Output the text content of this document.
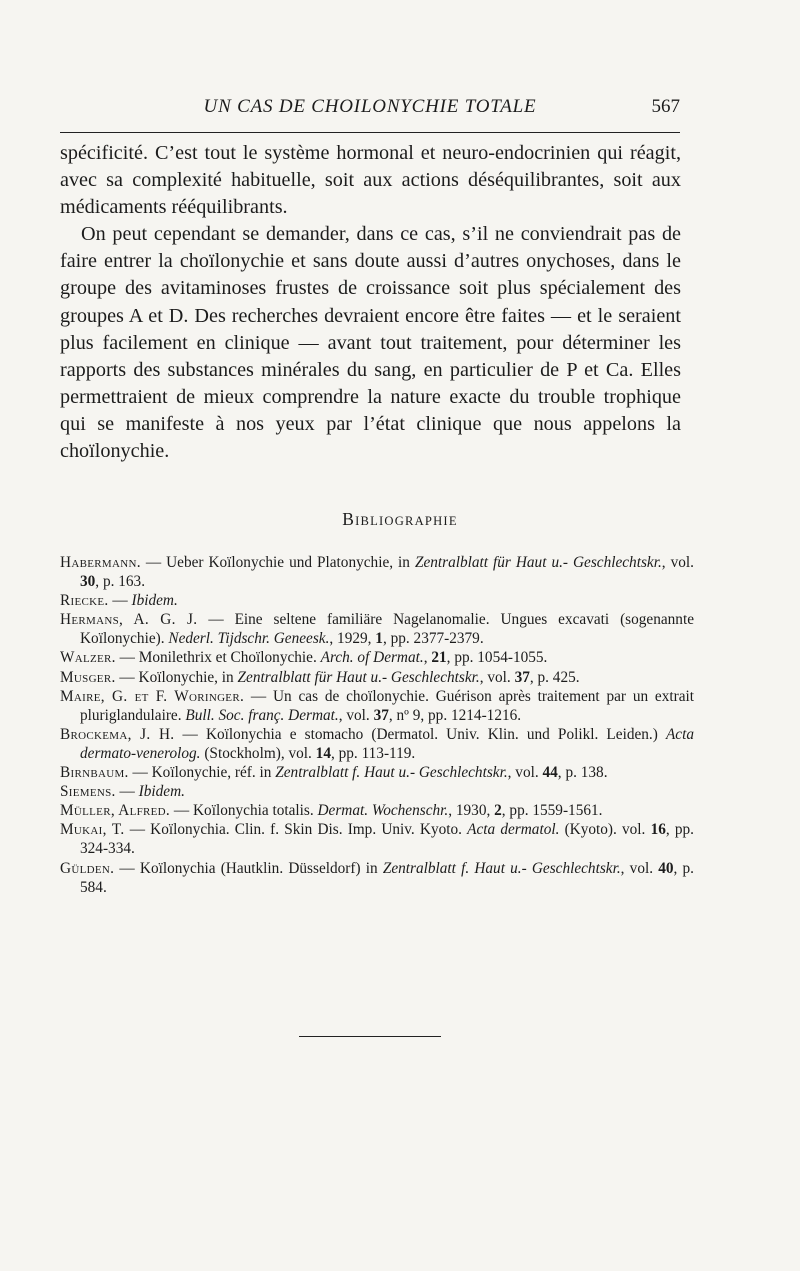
UN CAS DE CHOILONYCHIE TOTALE	567

spécificité. C’est tout le système hormonal et neuro-endocrinien qui réagit, avec sa complexité habituelle, soit aux actions déséquilibrantes, soit aux médicaments rééquilibrants.

On peut cependant se demander, dans ce cas, s’il ne conviendrait pas de faire entrer la choïlonychie et sans doute aussi d’autres onychoses, dans le groupe des avitaminoses frustes de croissance soit plus spécialement des groupes A et D. Des recherches devraient encore être faites — et le seraient plus facilement en clinique — avant tout traitement, pour déterminer les rapports des substances minérales du sang, en particulier de P et Ca. Elles permettraient de mieux comprendre la nature exacte du trouble trophique qui se manifeste à nos yeux par l’état clinique que nous appelons la choïlonychie.

BIBLIOGRAPHIE

Habermann. — Ueber Koïlonychie und Platonychie, in Zentralblatt für Haut u.- Geschlechtskr., vol. 30, p. 163.

Riecke. — Ibidem.

Hermans, A. G. J. — Eine seltene familiäre Nagelanomalie. Ungues excavati (sogenannte Koïlonychie). Nederl. Tijdschr. Geneesk., 1929, 1, pp. 2377-2379.

Walzer. — Monilethrix et Choïlonychie. Arch. of Dermat., 21, pp. 1054-1055.

Musger. — Koïlonychie, in Zentralblatt für Haut u.- Geschlechtskr., vol. 37, p. 425.

Maire, G. et F. Woringer. — Un cas de choïlonychie. Guérison après traitement par un extrait pluriglandulaire. Bull. Soc. franç. Dermat., vol. 37, nº 9, pp. 1214-1216.

Brockema, J. H. — Koïlonychia e stomacho (Dermatol. Univ. Klin. und Polikl. Leiden.) Acta dermato-venerolog. (Stockholm), vol. 14, pp. 113-119.

Birnbaum. — Koïlonychie, réf. in Zentralblatt f. Haut u.- Geschlechtskr., vol. 44, p. 138.

Siemens. — Ibidem.

Müller, Alfred. — Koïlonychia totalis. Dermat. Wochenschr., 1930, 2, pp. 1559-1561.

Mukai, T. — Koïlonychia. Clin. f. Skin Dis. Imp. Univ. Kyoto. Acta dermatol. (Kyoto). vol. 16, pp. 324-334.

Gülden. — Koïlonychia (Hautklin. Düsseldorf) in Zentralblatt f. Haut u.- Geschlechtskr., vol. 40, p. 584.
